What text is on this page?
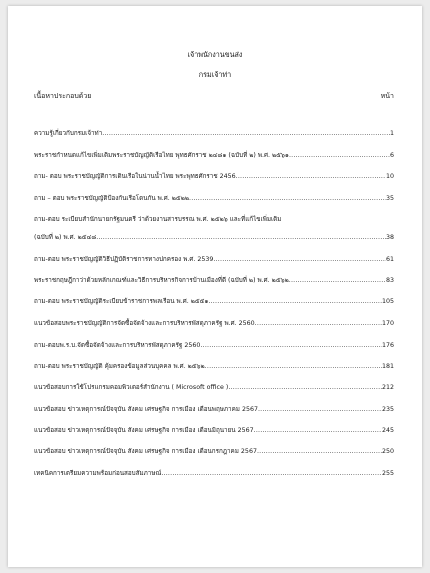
เจ้าพนักงานขนส่ง
กรมเจ้าท่า
เนื้อหาประกอบด้วย	หน้า
ความรู้เกี่ยวกับกรมเจ้าท่า .....	1
พระราชกำหนดแก้ไขเพิ่มเติมพระราชบัญญัติเรือไทย พุทธศักราช ๒๔๘๑ (ฉบับที่ ๒) พ.ศ. ๒๕๖๑ .....	6
ถาม- ตอบ พระราชบัญญัติการเดินเรือในน่านน้ำไทย พระพุทธศักราช 2456 .....	10
ถาม – ตอบ พระราชบัญญัติป้องกันเรือโดนกัน พ.ศ. ๒๕๒๒ .....	35
ถาม-ตอบ ระเบียบสำนักนายกรัฐมนตรี ว่าด้วยงานสารบรรณ พ.ศ. ๒๕๒๖ และที่แก้ไขเพิ่มเติม
(ฉบับที่ ๒) พ.ศ. ๒๕๔๘ .....	38
ถาม-ตอบ พระราชบัญญัติวิธีปฏิบัติราชการทางปกครอง พ.ศ. 2539 .....	61
พระราชกฤษฎีกาว่าด้วยหลักเกณฑ์และวิธีการบริหารกิจการบ้านเมืองที่ดี (ฉบับที่ ๒) พ.ศ. ๒๕๖๒ .....	83
ถาม-ตอบ พระราชบัญญัติระเบียบข้าราชการพลเรือน พ.ศ. ๒๕๕๑ .....	105
แนวข้อสอบพระราชบัญญัติการจัดซื้อจัดจ้างและการบริหารพัสดุภาครัฐ พ.ศ. 2560 .....	170
ถาม-ตอบพ.ร.บ.จัดซื้อจัดจ้างและการบริหารพัสดุภาครัฐ 2560 .....	176
ถาม-ตอบ พระราชบัญญัติ คุ้มครองข้อมูลส่วนบุคคล พ.ศ. ๒๕๖๒ .....	181
แนวข้อสอบการใช้โปรแกรมคอมพิวเตอร์สำนักงาน ( Microsoft office ) .....	212
แนวข้อสอบ ข่าวเหตุการณ์ปัจจุบัน สังคม เศรษฐกิจ การเมือง เดือนพฤษภาคม 2567 .....	235
แนวข้อสอบ ข่าวเหตุการณ์ปัจจุบัน สังคม เศรษฐกิจ การเมือง เดือนมิถุนายน 2567 .....	245
แนวข้อสอบ ข่าวเหตุการณ์ปัจจุบัน สังคม เศรษฐกิจ การเมือง เดือนกรกฎาคม 2567 .....	250
เทคนิคการเตรียมความพร้อมก่อนสอบสัมภาษณ์ .....	255
